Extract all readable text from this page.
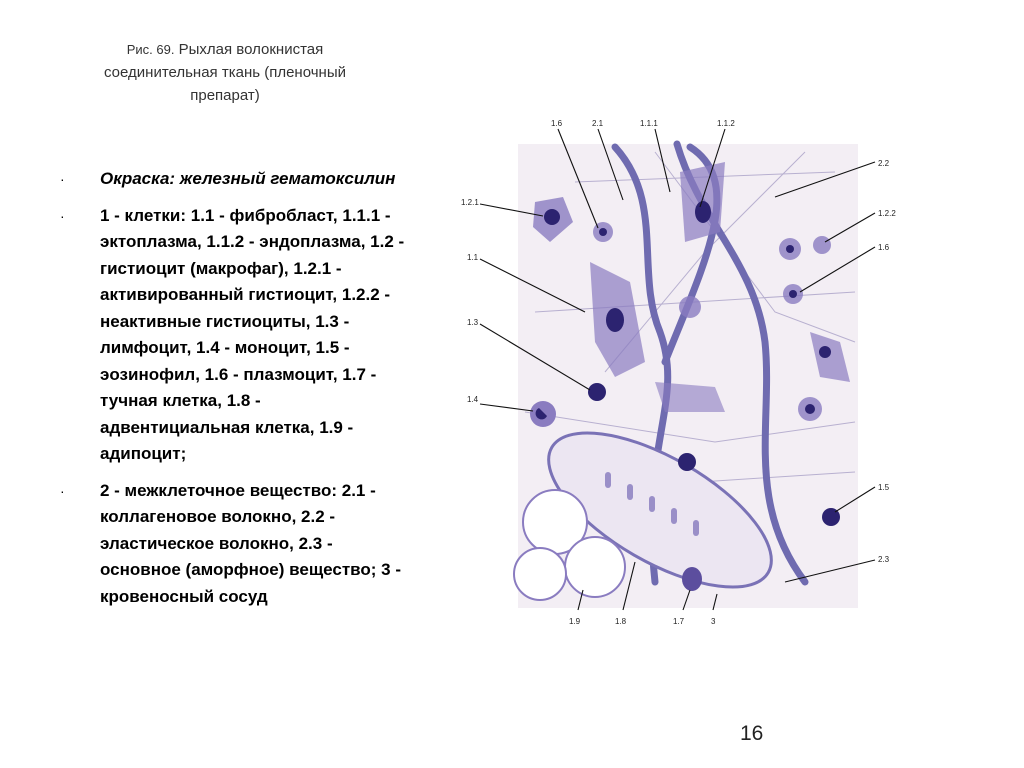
Рис. 69. Рыхлая волокнистая
соединительная ткань (пленочный
препарат)
· Окраска: железный гематоксилин
· 1 - клетки: 1.1 - фибробласт, 1.1.1 - эктоплазма, 1.1.2 - эндоплазма, 1.2 - гистиоцит (макрофаг), 1.2.1 - активированный гистиоцит, 1.2.2 - неактивные гистиоциты, 1.3 - лимфоцит, 1.4 - моноцит, 1.5 - эозинофил, 1.6 - плазмоцит, 1.7 - тучная клетка, 1.8 - адвентициальная клетка, 1.9 - адипоцит;
· 2 - межклеточное вещество: 2.1 - коллагеновое волокно, 2.2 - эластическое волокно, 2.3 - основное (аморфное) вещество; 3 - кровеносный сосуд
1.6	2.1	1.1.1	1.1.2
1.2.1
1.1
1.3
1.4
2.2
1.2.2
1.6
1.5
2.3
1.9	1.8	1.7	3
16
